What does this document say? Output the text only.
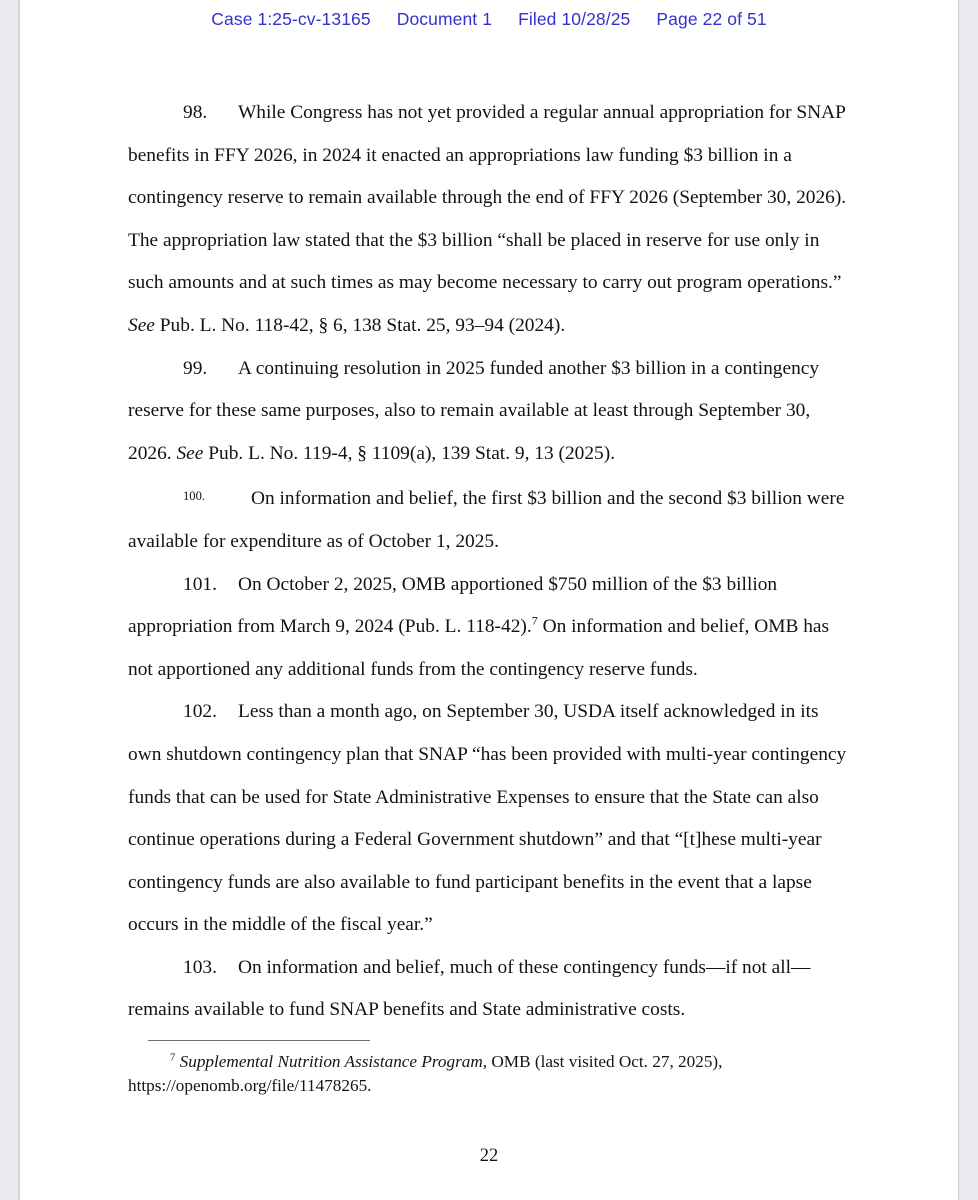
Case 1:25-cv-13165 Document 1 Filed 10/28/25 Page 22 of 51

98. While Congress has not yet provided a regular annual appropriation for SNAP benefits in FFY 2026, in 2024 it enacted an appropriations law funding $3 billion in a contingency reserve to remain available through the end of FFY 2026 (September 30, 2026). The appropriation law stated that the $3 billion “shall be placed in reserve for use only in such amounts and at such times as may become necessary to carry out program operations.” See Pub. L. No. 118-42, § 6, 138 Stat. 25, 93–94 (2024).

99. A continuing resolution in 2025 funded another $3 billion in a contingency reserve for these same purposes, also to remain available at least through September 30, 2026. See Pub. L. No. 119-4, § 1109(a), 139 Stat. 9, 13 (2025).

100. On information and belief, the first $3 billion and the second $3 billion were available for expenditure as of October 1, 2025.

101. On October 2, 2025, OMB apportioned $750 million of the $3 billion appropriation from March 9, 2024 (Pub. L. 118-42).$^7$ On information and belief, OMB has not apportioned any additional funds from the contingency reserve funds.

102. Less than a month ago, on September 30, USDA itself acknowledged in its own shutdown contingency plan that SNAP “has been provided with multi-year contingency funds that can be used for State Administrative Expenses to ensure that the State can also continue operations during a Federal Government shutdown” and that “[t]hese multi-year contingency funds are also available to fund participant benefits in the event that a lapse occurs in the middle of the fiscal year.”

103. On information and belief, much of these contingency funds—if not all—remains available to fund SNAP benefits and State administrative costs.

$^7$ Supplemental Nutrition Assistance Program, OMB (last visited Oct. 27, 2025),
https://openomb.org/file/11478265.

22
